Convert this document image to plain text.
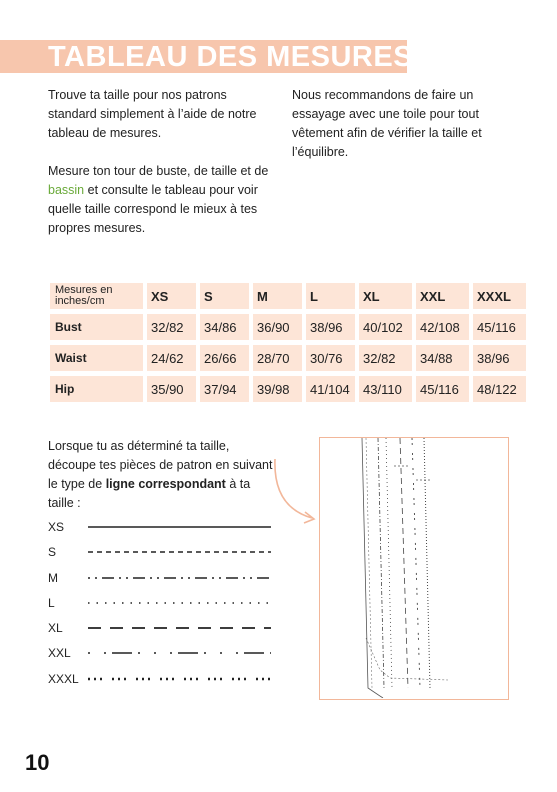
TABLEAU DES MESURES
Trouve ta taille pour nos patrons standard simplement à l’aide de notre tableau de mesures.
Mesure ton tour de buste, de taille et de bassin et consulte le tableau pour voir quelle taille correspond le mieux à tes propres mesures.
Nous recommandons de faire un essayage avec une toile pour tout vêtement afin de vérifier la taille et l’équilibre.
Mesures en inches/cm	XS	S	M	L	XL	XXL	XXXL
Bust	32/82	34/86	36/90	38/96	40/102	42/108	45/116
Waist	24/62	26/66	28/70	30/76	32/82	34/88	38/96
Hip	35/90	37/94	39/98	41/104	43/110	45/116	48/122
Lorsque tu as déterminé ta taille, découpe tes pièces de patron en suivant le type de ligne correspondant à ta taille :
XS
S
M
L
XL
XXL
XXXL
10
